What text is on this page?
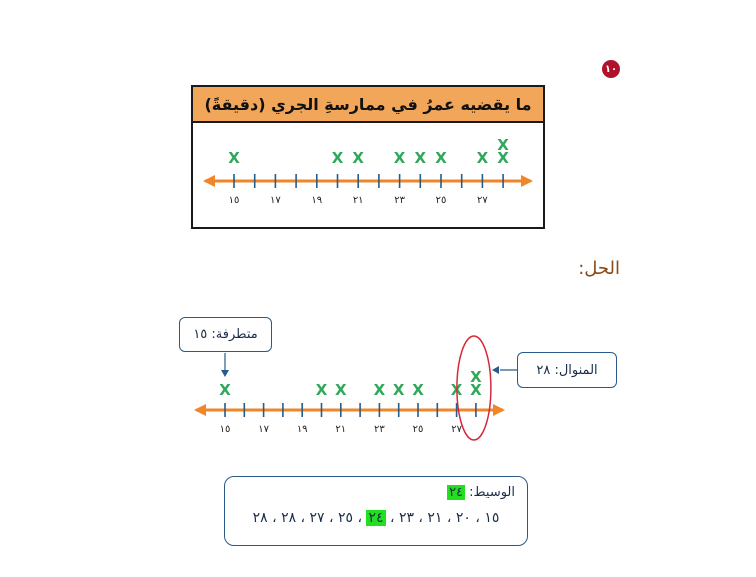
١٠
ما يقضيه عمرُ في ممارسةِ الجري (دقيقةً)
١٥	١٧	١٩	٢١	٢٣	٢٥	٢٧
X	X X X X X X X
X
الحل:
١٥	١٧	١٩	٢١	٢٣	٢٥	٢٧
X	X X X X X X X
X
متطرفة: ١٥
المنوال: ٢٨
الوسيط: ٢٤
١٥ ، ٢٠ ، ٢١ ، ٢٣ ، ٢٤ ، ٢٥ ، ٢٧ ، ٢٨ ، ٢٨
